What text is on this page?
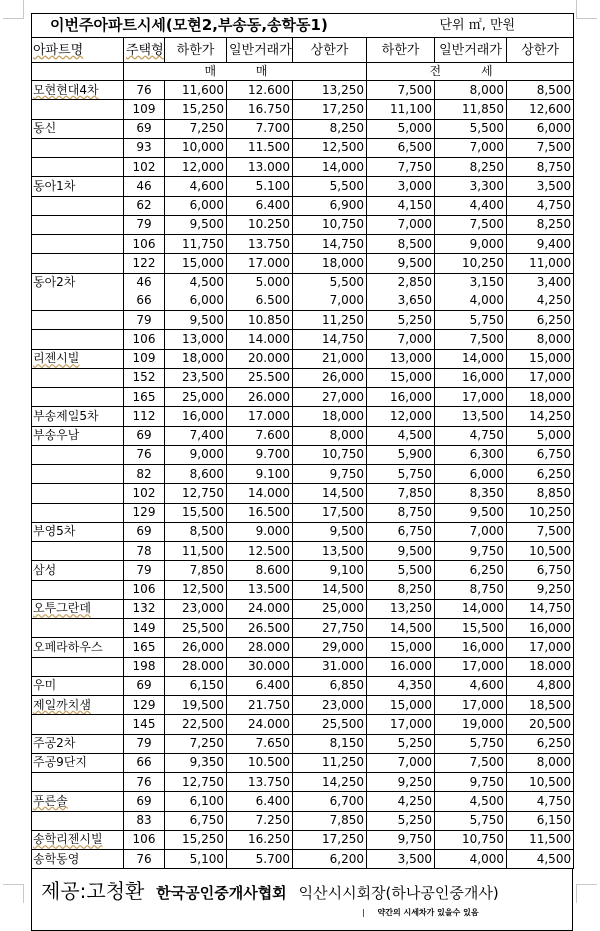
이번주아파트시세(모현2,부송동,송학동1) 단위 ㎡, 만원							

아파트명	주택형	하한가	일반거래가	상한가	하한가	일반거래가	상한가
	매 매				전 세		
모현현대4차	76	11,600	12.600	13,250	7,500	8,000	8,500
	109	15,250	16.750	17,250	11,100	11,850	12,600
동신	69	7,250	7.700	8,250	5,000	5,500	6,000
	93	10,000	11.500	12,500	6,500	7,000	7,500
	102	12,000	13.000	14,000	7,750	8,250	8,750
동아1차	46	4,600	5.100	5,500	3,000	3,300	3,500
	62	6,000	6.400	6,900	4,150	4,400	4,750
	79	9,500	10.250	10,750	7,000	7,500	8,250
	106	11,750	13.750	14,750	8,500	9,000	9,400
	122	15,000	17.000	18,000	9,500	10,250	11,000
동아2차	46	4,500	5.000	5,500	2,850	3,150	3,400
	66	6,000	6.500	7,000	3,650	4,000	4,250
	79	9,500	10.850	11,250	5,250	5,750	6,250
	106	13,000	14.000	14,750	7,000	7,500	8,000
리젠시빌	109	18,000	20.000	21,000	13,000	14,000	15,000
	152	23,500	25.500	26,000	15,000	16,000	17,000
	165	25,000	26.000	27,000	16,000	17,000	18,000
부송제일5차	112	16,000	17.000	18,000	12,000	13,500	14,250
부송우남	69	7,400	7.600	8,000	4,500	4,750	5,000
	76	9,000	9.700	10,750	5,900	6,300	6,750
	82	8,600	9.100	9,750	5,750	6,000	6,250
	102	12,750	14.000	14,500	7,850	8,350	8,850
	129	15,500	16.500	17,500	8,750	9,500	10,250
부영5차	69	8,500	9.000	9,500	6,750	7,000	7,500
	78	11,500	12.500	13,500	9,500	9,750	10,500
삼성	79	7,850	8.600	9,100	5,500	6,250	6,750
	106	12,500	13.500	14,500	8,250	8,750	9,250
오투그란데	132	23,000	24.000	25,000	13,250	14,000	14,750
	149	25,500	26.500	27,750	14,500	15,500	16,000
오페라하우스	165	26,000	28.000	29,000	15,000	16,000	17,000
	198	28.000	30.000	31.000	16.000	17,000	18.000
우미	69	6,150	6.400	6,850	4,350	4,600	4,800
제일까치샘	129	19,500	21.750	23,000	15,000	17,000	18,500
	145	22,500	24.000	25,500	17,000	19,000	20,500
주공2차	79	7,250	7.650	8,150	5,250	5,750	6,250
주공9단지	66	9,350	10.500	11,250	7,000	7,500	8,000
	76	12,750	13.750	14,250	9,250	9,750	10,500
푸른솔	69	6,100	6.400	6,700	4,250	4,500	4,750
	83	6,750	7.250	7,850	5,250	5,750	6,150
송학리젠시빌	106	15,250	16.250	17,250	9,750	10,750	11,500
송학동영	76	5,100	5.700	6,200	3,500	4,000	4,500
제공:고청환 한국공인중개사협회 익산시시회장(하나공인중개사)
| 약간의 시세차가 있을수 있음
